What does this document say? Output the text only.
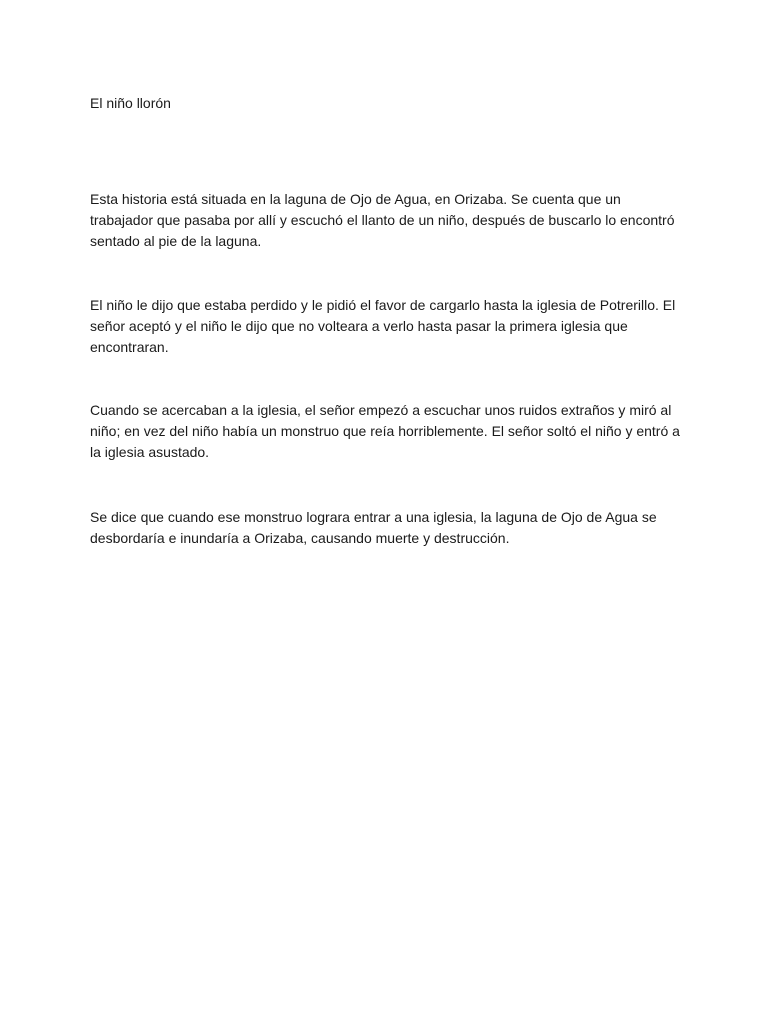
El niño llorón

Esta historia está situada en la laguna de Ojo de Agua, en Orizaba. Se cuenta que un trabajador que pasaba por allí y escuchó el llanto de un niño, después de buscarlo lo encontró sentado al pie de la laguna.

El niño le dijo que estaba perdido y le pidió el favor de cargarlo hasta la iglesia de Potrerillo. El señor aceptó y el niño le dijo que no volteara a verlo hasta pasar la primera iglesia que encontraran.

Cuando se acercaban a la iglesia, el señor empezó a escuchar unos ruidos extraños y miró al niño; en vez del niño había un monstruo que reía horriblemente. El señor soltó el niño y entró a la iglesia asustado.

Se dice que cuando ese monstruo lograra entrar a una iglesia, la laguna de Ojo de Agua se desbordaría e inundaría a Orizaba, causando muerte y destrucción.
